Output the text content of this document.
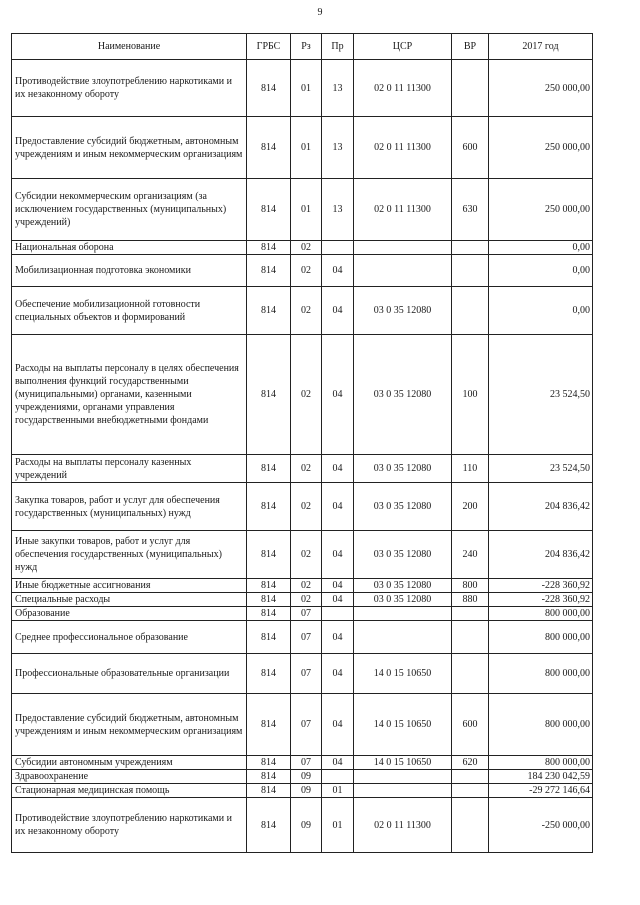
9
Наименование	ГРБС	Рз	Пр	ЦСР	ВР	2017 год
Противодействие злоупотреблению наркотиками и их незаконному обороту	814	01	13	02 0 11 11300		250 000,00
Предоставление субсидий бюджетным, автономным учреждениям и иным некоммерческим организациям	814	01	13	02 0 11 11300	600	250 000,00
Субсидии некоммерческим организациям (за исключением государственных (муниципальных) учреждений)	814	01	13	02 0 11 11300	630	250 000,00
Национальная оборона	814	02				0,00
Мобилизационная подготовка экономики	814	02	04			0,00
Обеспечение мобилизационной готовности специальных объектов и формирований	814	02	04	03 0 35 12080		0,00
Расходы на выплаты персоналу в целях обеспечения выполнения функций государственными (муниципальными) органами, казенными учреждениями, органами управления государственными внебюджетными фондами	814	02	04	03 0 35 12080	100	23 524,50
Расходы на выплаты персоналу казенных учреждений	814	02	04	03 0 35 12080	110	23 524,50
Закупка товаров, работ и услуг для обеспечения государственных (муниципальных) нужд	814	02	04	03 0 35 12080	200	204 836,42
Иные закупки товаров, работ и услуг для обеспечения государственных (муниципальных) нужд	814	02	04	03 0 35 12080	240	204 836,42
Иные бюджетные ассигнования	814	02	04	03 0 35 12080	800	-228 360,92
Специальные расходы	814	02	04	03 0 35 12080	880	-228 360,92
Образование	814	07				800 000,00
Среднее профессиональное образование	814	07	04			800 000,00
Профессиональные образовательные организации	814	07	04	14 0 15 10650		800 000,00
Предоставление субсидий бюджетным, автономным учреждениям и иным некоммерческим организациям	814	07	04	14 0 15 10650	600	800 000,00
Субсидии автономным учреждениям	814	07	04	14 0 15 10650	620	800 000,00
Здравоохранение	814	09				184 230 042,59
Стационарная медицинская помощь	814	09	01			-29 272 146,64
Противодействие злоупотреблению наркотиками и их незаконному обороту	814	09	01	02 0 11 11300		-250 000,00
